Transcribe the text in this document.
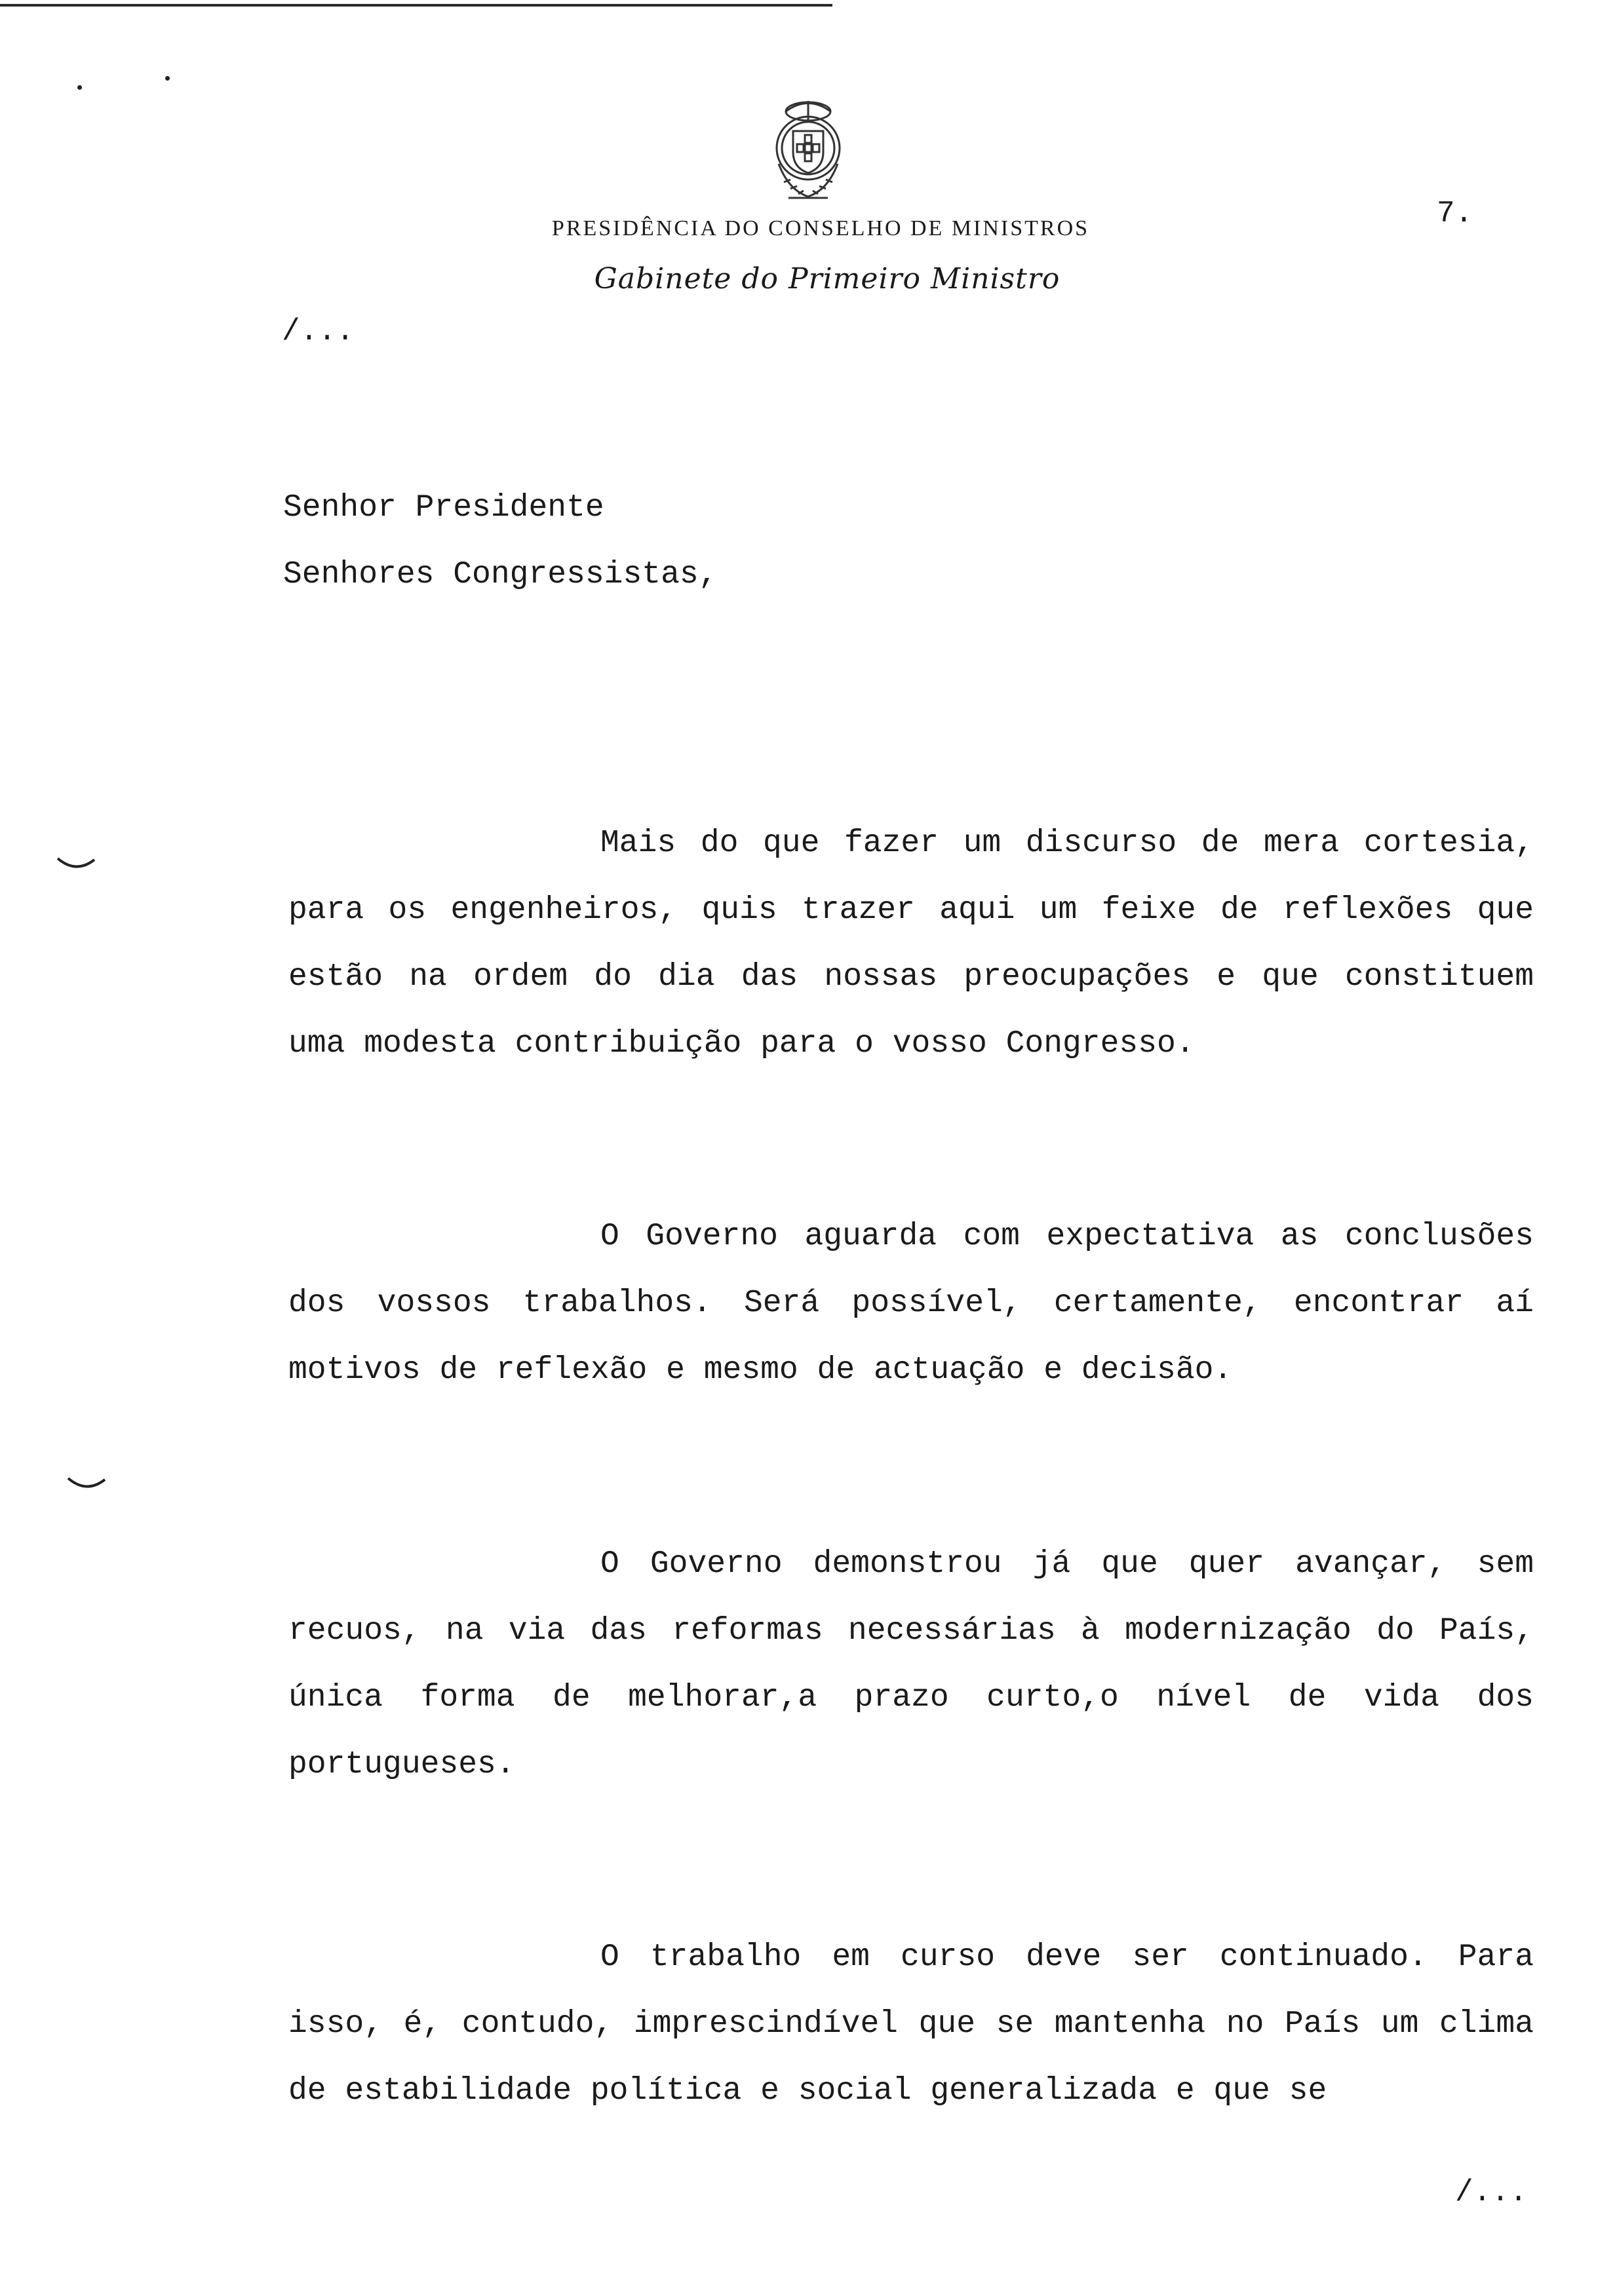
PRESIDÊNCIA DO CONSELHO DE MINISTROS
Gabinete do Primeiro Ministro
7.
/...
Senhor Presidente
Senhores Congressistas,

Mais do que fazer um discurso de mera cortesia, para os engenheiros, quis trazer aqui um feixe de reflexões que estão na ordem do dia das nossas preocupações e que constituem uma modesta contribuição para o vosso Congresso.

O Governo aguarda com expectativa as conclusões dos vossos trabalhos. Será possível, certamente, encontrar aí motivos de reflexão e mesmo de actuação e decisão.

O Governo demonstrou já que quer avançar, sem recuos, na via das reformas necessárias à modernização do País, única forma de melhorar,a prazo curto,o nível de vida dos portugueses.

O trabalho em curso deve ser continuado. Para isso, é, contudo, imprescindível que se mantenha no País um clima de estabilidade política e social generalizada e que se

/...
